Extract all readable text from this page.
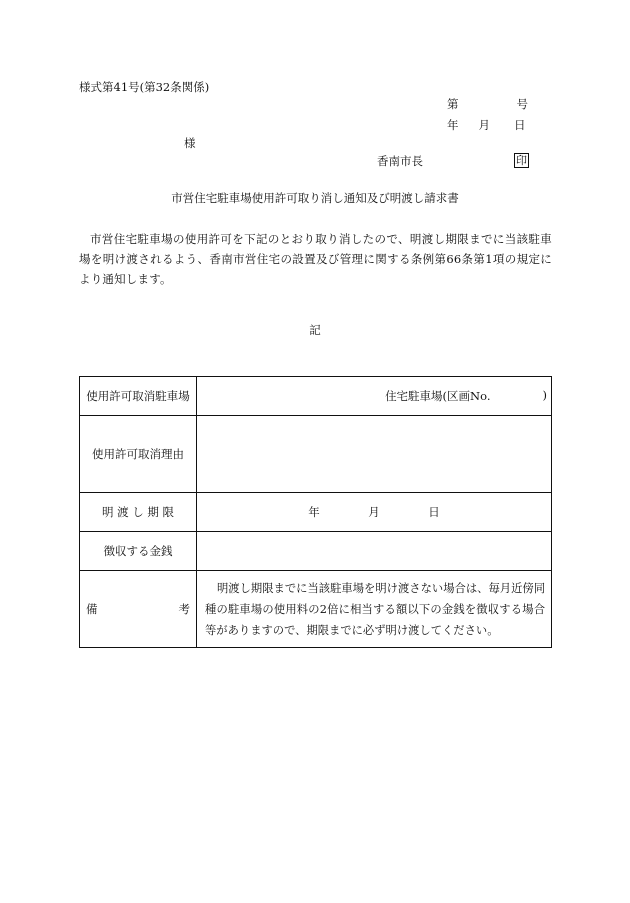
様式第41号(第32条関係)
第	号
年 月 日
様
香南市長	印
市営住宅駐車場使用許可取り消し通知及び明渡し請求書
市営住宅駐車場の使用許可を下記のとおり取り消したので、明渡し期限までに当該駐車場を明け渡されるよう、香南市営住宅の設置及び管理に関する条例第66条第1項の規定により通知します。
記
使用許可取消駐車場	住宅駐車場(区画No. )

使用許可取消理由	
明 渡 し 期 限	年 月 日
徴収する金銭	

備 考	明渡し期限までに当該駐車場を明け渡さない場合は、毎月近傍同種の駐車場の使用料の2倍に相当する額以下の金銭を徴収する場合等がありますので、期限までに必ず明け渡してください。
